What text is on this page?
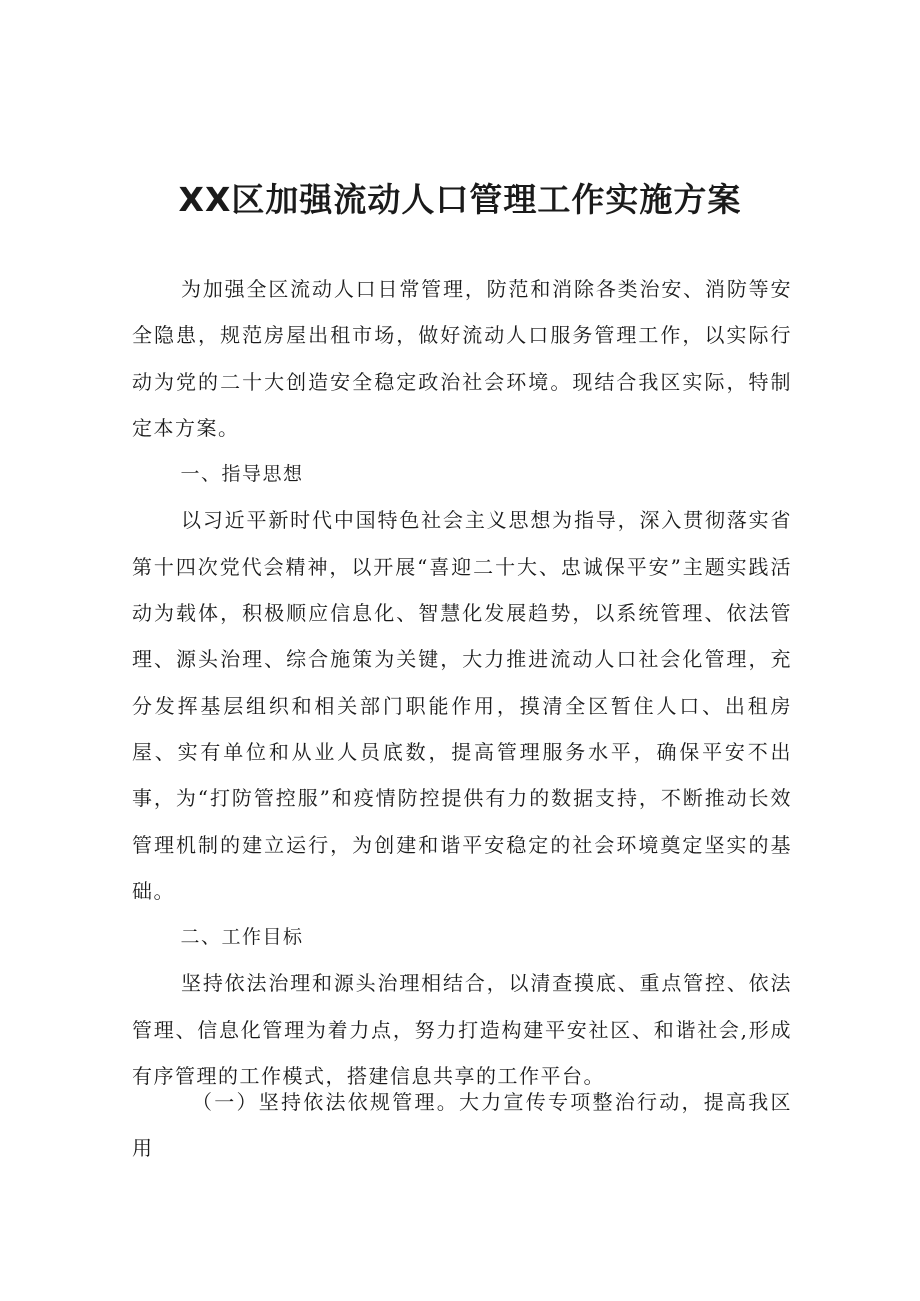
XX区加强流动人口管理工作实施方案

为加强全区流动人口日常管理，防范和消除各类治安、消防等安全隐患，规范房屋出租市场，做好流动人口服务管理工作，以实际行动为党的二十大创造安全稳定政治社会环境。现结合我区实际，特制定本方案。

一、指导思想

以习近平新时代中国特色社会主义思想为指导，深入贯彻落实省第十四次党代会精神，以开展“喜迎二十大、忠诚保平安”主题实践活动为载体，积极顺应信息化、智慧化发展趋势，以系统管理、依法管理、源头治理、综合施策为关键，大力推进流动人口社会化管理，充分发挥基层组织和相关部门职能作用，摸清全区暂住人口、出租房屋、实有单位和从业人员底数，提高管理服务水平，确保平安不出事，为“打防管控服”和疫情防控提供有力的数据支持，不断推动长效管理机制的建立运行，为创建和谐平安稳定的社会环境奠定坚实的基础。

二、工作目标

坚持依法治理和源头治理相结合，以清查摸底、重点管控、依法管理、信息化管理为着力点，努力打造构建平安社区、和谐社会,形成有序管理的工作模式，搭建信息共享的工作平台。

（一）坚持依法依规管理。大力宣传专项整治行动，提高我区用
